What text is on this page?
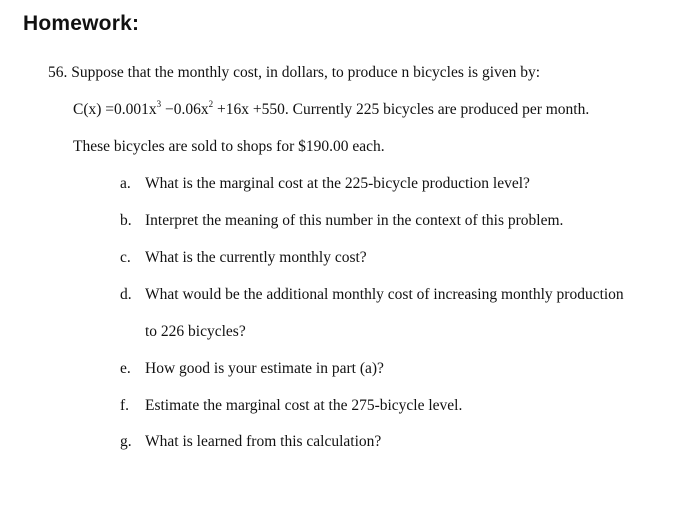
Homework:
56. Suppose that the monthly cost, in dollars, to produce n bicycles is given by:
$C(x) =0.001x^3 -0.06x^2 +16x +550$. Currently 225 bicycles are produced per month.
These bicycles are sold to shops for $190.00 each.
a. What is the marginal cost at the 225-bicycle production level?
b. Interpret the meaning of this number in the context of this problem.
c. What is the currently monthly cost?
d. What would be the additional monthly cost of increasing monthly production
to 226 bicycles?
e. How good is your estimate in part (a)?
f. Estimate the marginal cost at the 275-bicycle level.
g. What is learned from this calculation?
